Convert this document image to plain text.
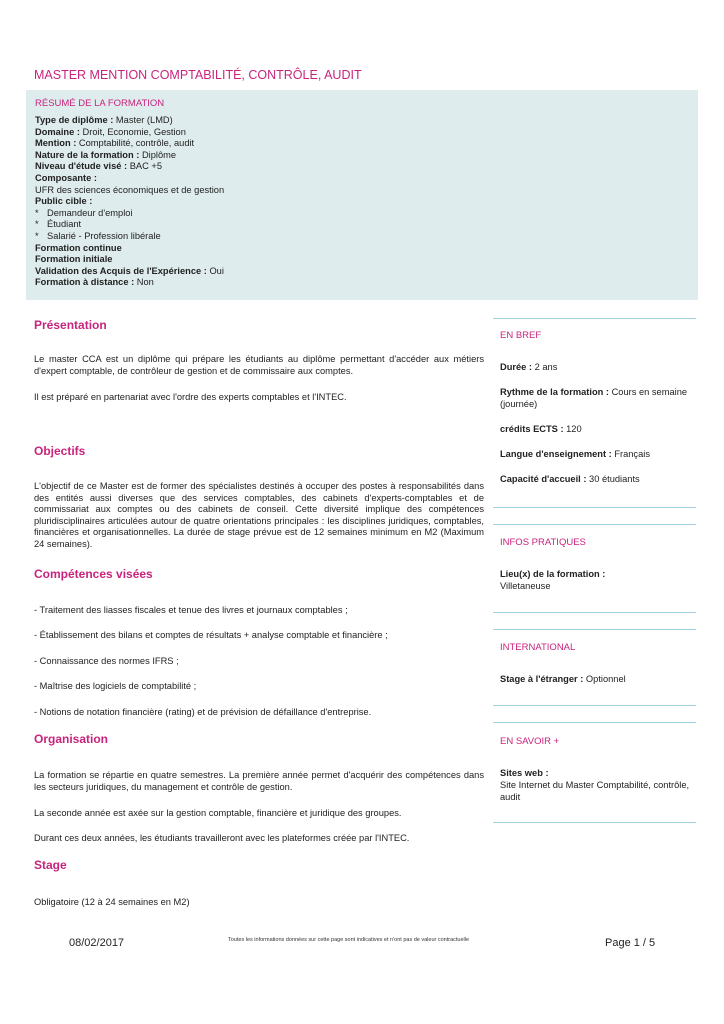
MASTER MENTION COMPTABILITÉ, CONTRÔLE, AUDIT
RÉSUMÉ DE LA FORMATION
Type de diplôme : Master (LMD)
Domaine : Droit, Economie, Gestion
Mention : Comptabilité, contrôle, audit
Nature de la formation : Diplôme
Niveau d'étude visé : BAC +5
Composante :
UFR des sciences économiques et de gestion
Public cible :
* Demandeur d'emploi
* Étudiant
* Salarié - Profession libérale
Formation continue
Formation initiale
Validation des Acquis de l'Expérience : Oui
Formation à distance : Non
Présentation
Le master CCA est un diplôme qui prépare les étudiants au diplôme permettant d'accéder aux métiers d'expert comptable, de contrôleur de gestion et de commissaire aux comptes.
Il est préparé en partenariat avec l'ordre des experts comptables et l'INTEC.
Objectifs
L'objectif de ce Master est de former des spécialistes destinés à occuper des postes à responsabilités dans des entités aussi diverses que des services comptables, des cabinets d'experts-comptables et de commissariat aux comptes ou des cabinets de conseil. Cette diversité implique des compétences pluridisciplinaires articulées autour de quatre orientations principales : les disciplines juridiques, comptables, financières et organisationnelles. La durée de stage prévue est de 12 semaines minimum en M2 (Maximum 24 semaines).
Compétences visées
- Traitement des liasses fiscales et tenue des livres et journaux comptables ;
- Établissement des bilans et comptes de résultats + analyse comptable et financière ;
- Connaissance des normes IFRS ;
- Maîtrise des logiciels de comptabilité ;
- Notions de notation financière (rating) et de prévision de défaillance d'entreprise.
Organisation
La formation se répartie en quatre semestres. La première année permet d'acquérir des compétences dans les secteurs juridiques, du management et contrôle de gestion.
La seconde année est axée sur la gestion comptable, financière et juridique des groupes.
Durant ces deux années, les étudiants travailleront avec les plateformes créée par l'INTEC.
Stage
Obligatoire (12 à 24 semaines en M2)
EN BREF
Durée : 2 ans
Rythme de la formation : Cours en semaine (journée)
crédits ECTS : 120
Langue d'enseignement : Français
Capacité d'accueil : 30 étudiants
INFOS PRATIQUES
Lieu(x) de la formation :
Villetaneuse
INTERNATIONAL
Stage à l'étranger : Optionnel
EN SAVOIR +
Sites web :
Site Internet du Master Comptabilité, contrôle, audit
08/02/2017	Toutes les informations données sur cette page sont indicatives et n'ont pas de valeur contractuelle	Page 1 / 5
